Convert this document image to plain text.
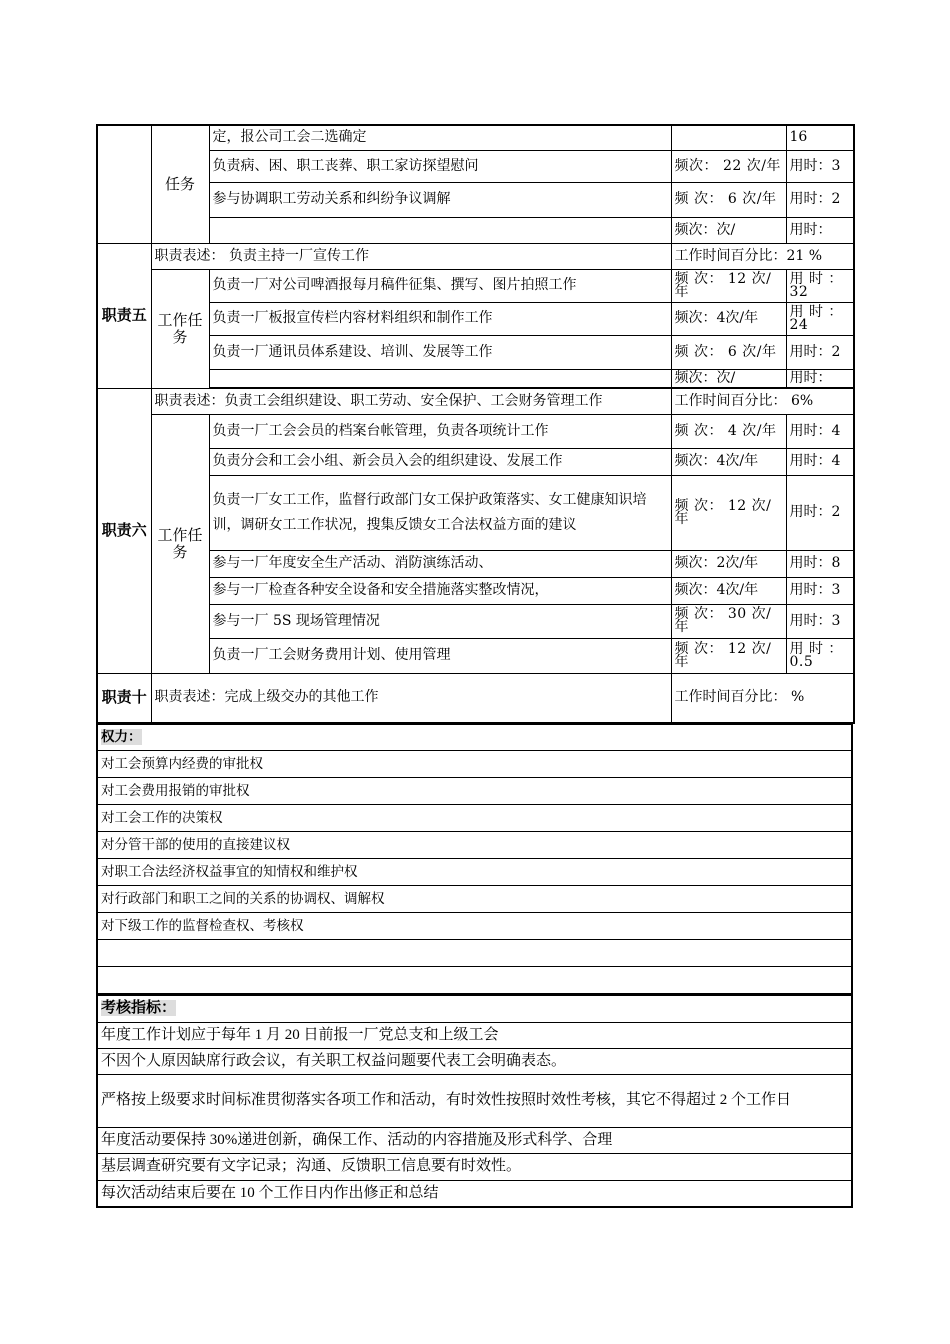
	任务	定，报公司工会二选确定		16
		负责病、困、职工丧葬、职工家访探望慰问	频次： 22 次/年	用时：3
		参与协调职工劳动关系和纠纷争议调解	频 次： 6 次/年	用时：2
			频次：次/	用时：
职责五	职责表述： 负责主持一厂宣传工作		工作时间百分比：21 %	
	工作任务	负责一厂对公司啤酒报每月稿件征集、撰写、图片拍照工作	频 次： 12 次/年	用 时 ：32
		负责一厂板报宣传栏内容材料组织和制作工作	频次：4次/年	用 时 ：24
		负责一厂通讯员体系建设、培训、发展等工作	频 次： 6 次/年	用时：2
			频次：次/	用时：

职责六	职责表述：负责工会组织建设、职工劳动、安全保护、工会财务管理工作		工作时间百分比： 6%	
	工作任务	负责一厂工会会员的档案台帐管理，负责各项统计工作	频 次： 4 次/年	用时：4
		负责分会和工会小组、新会员入会的组织建设、发展工作	频次：4次/年	用时：4
		负责一厂女工工作，监督行政部门女工保护政策落实、女工健康知识培训，调研女工工作状况，搜集反馈女工合法权益方面的建议	频 次： 12 次/年	用时：2
		参与一厂年度安全生产活动、消防演练活动、	频次：2次/年	用时：8
		参与一厂检查各种安全设备和安全措施落实整改情况，	频次：4次/年	用时：3
		参与一厂 5S 现场管理情况	频 次： 30 次/年	用时：3
		负责一厂工会财务费用计划、使用管理	频 次： 12 次/年	用 时 ：0.5
职责十	职责表述：完成上级交办的其他工作		工作时间百分比： %	
权力：
对工会预算内经费的审批权
对工会费用报销的审批权
对工会工作的决策权
对分管干部的使用的直接建议权
对职工合法经济权益事宜的知情权和维护权
对行政部门和职工之间的关系的协调权、调解权
对下级工作的监督检查权、考核权

考核指标：
年度工作计划应于每年 1 月 20 日前报一厂党总支和上级工会
不因个人原因缺席行政会议，有关职工权益问题要代表工会明确表态。
严格按上级要求时间标准贯彻落实各项工作和活动，有时效性按照时效性考核，其它不得超过 2 个工作日
年度活动要保持 30%递进创新，确保工作、活动的内容措施及形式科学、合理
基层调查研究要有文字记录；沟通、反馈职工信息要有时效性。
每次活动结束后要在 10 个工作日内作出修正和总结
